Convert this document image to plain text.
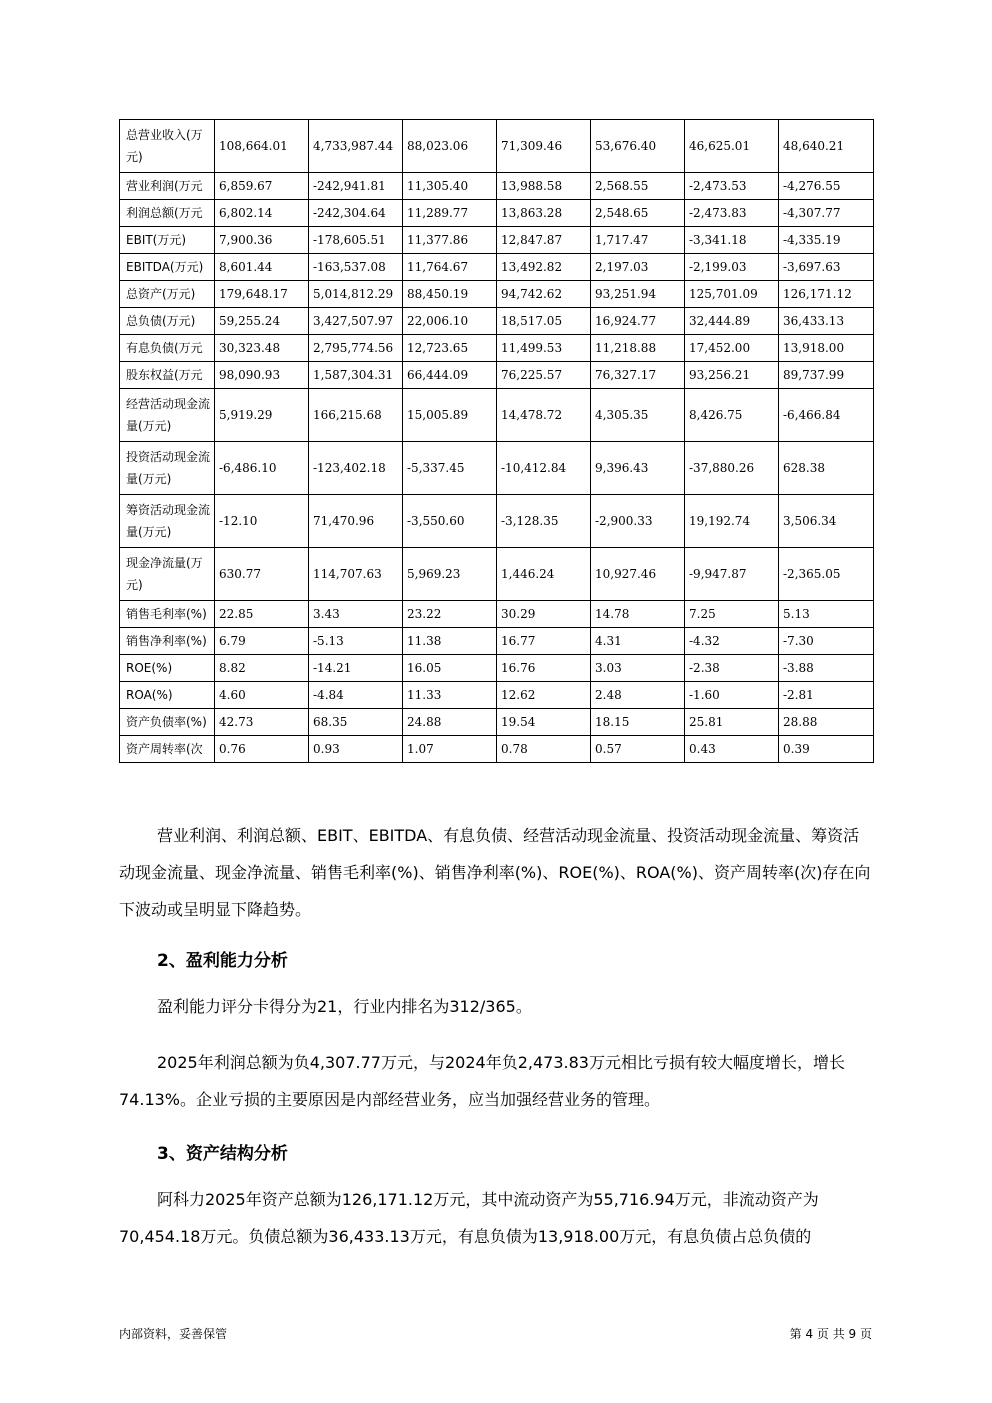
总营业收入(万元)	108,664.01	4,733,987.44	88,023.06	71,309.46	53,676.40	46,625.01	48,640.21
营业利润(万元	6,859.67	-242,941.81	11,305.40	13,988.58	2,568.55	-2,473.53	-4,276.55
利润总额(万元	6,802.14	-242,304.64	11,289.77	13,863.28	2,548.65	-2,473.83	-4,307.77
EBIT(万元)	7,900.36	-178,605.51	11,377.86	12,847.87	1,717.47	-3,341.18	-4,335.19
EBITDA(万元)	8,601.44	-163,537.08	11,764.67	13,492.82	2,197.03	-2,199.03	-3,697.63
总资产(万元)	179,648.17	5,014,812.29	88,450.19	94,742.62	93,251.94	125,701.09	126,171.12
总负债(万元)	59,255.24	3,427,507.97	22,006.10	18,517.05	16,924.77	32,444.89	36,433.13
有息负债(万元	30,323.48	2,795,774.56	12,723.65	11,499.53	11,218.88	17,452.00	13,918.00
股东权益(万元	98,090.93	1,587,304.31	66,444.09	76,225.57	76,327.17	93,256.21	89,737.99
经营活动现金流量(万元)	5,919.29	166,215.68	15,005.89	14,478.72	4,305.35	8,426.75	-6,466.84
投资活动现金流量(万元)	-6,486.10	-123,402.18	-5,337.45	-10,412.84	9,396.43	-37,880.26	628.38
筹资活动现金流量(万元)	-12.10	71,470.96	-3,550.60	-3,128.35	-2,900.33	19,192.74	3,506.34
现金净流量(万元)	630.77	114,707.63	5,969.23	1,446.24	10,927.46	-9,947.87	-2,365.05
销售毛利率(%)	22.85	3.43	23.22	30.29	14.78	7.25	5.13
销售净利率(%)	6.79	-5.13	11.38	16.77	4.31	-4.32	-7.30
ROE(%)	8.82	-14.21	16.05	16.76	3.03	-2.38	-3.88
ROA(%)	4.60	-4.84	11.33	12.62	2.48	-1.60	-2.81
资产负债率(%)	42.73	68.35	24.88	19.54	18.15	25.81	28.88
资产周转率(次	0.76	0.93	1.07	0.78	0.57	0.43	0.39

营业利润、利润总额、EBIT、EBITDA、有息负债、经营活动现金流量、投资活动现金流量、筹资活动现金流量、现金净流量、销售毛利率(%)、销售净利率(%)、ROE(%)、ROA(%)、资产周转率(次)存在向下波动或呈明显下降趋势。

2、盈利能力分析

盈利能力评分卡得分为21，行业内排名为312/365。

2025年利润总额为负4,307.77万元，与2024年负2,473.83万元相比亏损有较大幅度增长，增长74.13%。企业亏损的主要原因是内部经营业务，应当加强经营业务的管理。

3、资产结构分析

阿科力2025年资产总额为126,171.12万元，其中流动资产为55,716.94万元，非流动资产为70,454.18万元。负债总额为36,433.13万元，有息负债为13,918.00万元，有息负债占总负债的

内部资料，妥善保管	第 4 页 共 9 页
